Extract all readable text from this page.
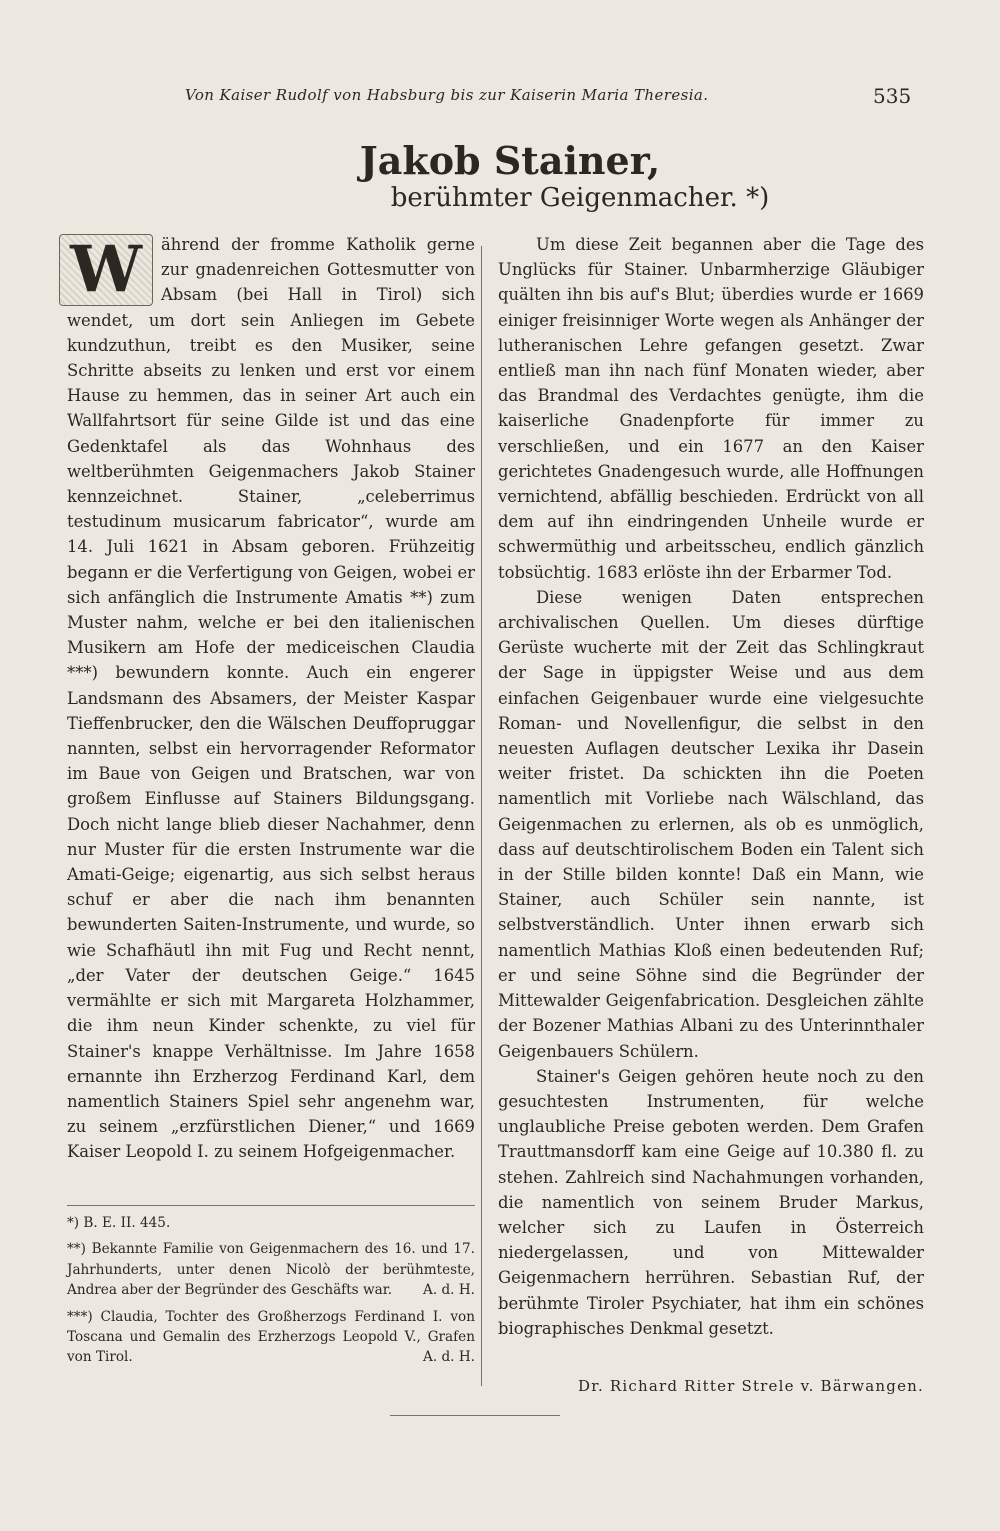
Von Kaiser Rudolf von Habsburg bis zur Kaiserin Maria Theresia.	535
Jakob Stainer,
berühmter Geigenmacher. *)

W	ährend der fromme Katholik gerne zur gnadenreichen Gottesmutter von Absam (bei Hall in Tirol) sich wendet, um dort sein Anliegen im Gebete kundzuthun, treibt es den Musiker, seine Schritte abseits zu lenken und erst vor einem Hause zu hemmen, das in seiner Art auch ein Wallfahrtsort für seine Gilde ist und das eine Gedenktafel als das Wohnhaus des weltberühmten Geigenmachers Jakob Stainer kennzeichnet. Stainer, „celeberrimus testudinum musicarum fabricator“, wurde am 14. Juli 1621 in Absam geboren. Frühzeitig begann er die Verfertigung von Geigen, wobei er sich anfänglich die Instrumente Amatis **) zum Muster nahm, welche er bei den italienischen Musikern am Hofe der mediceischen Claudia ***) bewundern konnte. Auch ein engerer Landsmann des Absamers, der Meister Kaspar Tieffenbrucker, den die Wälschen Deuffopruggar nannten, selbst ein hervorragender Reformator im Baue von Geigen und Bratschen, war von großem Einflusse auf Stainers Bildungsgang. Doch nicht lange blieb dieser Nachahmer, denn nur Muster für die ersten Instrumente war die Amati-Geige; eigenartig, aus sich selbst heraus schuf er aber die nach ihm benannten bewunderten Saiten-Instrumente, und wurde, so wie Schafhäutl ihn mit Fug und Recht nennt, „der Vater der deutschen Geige.“ 1645 vermählte er sich mit Margareta Holzhammer, die ihm neun Kinder schenkte, zu viel für Stainer's knappe Verhältnisse. Im Jahre 1658 ernannte ihn Erzherzog Ferdinand Karl, dem namentlich Stainers Spiel sehr angenehm war, zu seinem „erzfürstlichen Diener,“ und 1669 Kaiser Leopold I. zu seinem Hofgeigenmacher.

Um diese Zeit begannen aber die Tage des Unglücks für Stainer. Unbarmherzige Gläubiger quälten ihn bis auf's Blut; überdies wurde er 1669 einiger freisinniger Worte wegen als Anhänger der lutheranischen Lehre gefangen gesetzt. Zwar entließ man ihn nach fünf Monaten wieder, aber das Brandmal des Verdachtes genügte, ihm die kaiserliche Gnadenpforte für immer zu verschließen, und ein 1677 an den Kaiser gerichtetes Gnadengesuch wurde, alle Hoffnungen vernichtend, abfällig beschieden. Erdrückt von all dem auf ihn eindringenden Unheile wurde er schwermüthig und arbeitsscheu, endlich gänzlich tobsüchtig. 1683 erlöste ihn der Erbarmer Tod.

Diese wenigen Daten entsprechen archivalischen Quellen. Um dieses dürftige Gerüste wucherte mit der Zeit das Schlingkraut der Sage in üppigster Weise und aus dem einfachen Geigenbauer wurde eine vielgesuchte Roman- und Novellenfigur, die selbst in den neuesten Auflagen deutscher Lexika ihr Dasein weiter fristet. Da schickten ihn die Poeten namentlich mit Vorliebe nach Wälschland, das Geigenmachen zu erlernen, als ob es unmöglich, dass auf deutschtirolischem Boden ein Talent sich in der Stille bilden konnte! Daß ein Mann, wie Stainer, auch Schüler sein nannte, ist selbstverständlich. Unter ihnen erwarb sich namentlich Mathias Kloß einen bedeutenden Ruf; er und seine Söhne sind die Begründer der Mittewalder Geigenfabrication. Desgleichen zählte der Bozener Mathias Albani zu des Unterinnthaler Geigenbauers Schülern.

Stainer's Geigen gehören heute noch zu den gesuchtesten Instrumenten, für welche unglaubliche Preise geboten werden. Dem Grafen Trauttmansdorff kam eine Geige auf 10.380 fl. zu stehen. Zahlreich sind Nachahmungen vorhanden, die namentlich von seinem Bruder Markus, welcher sich zu Laufen in Österreich niedergelassen, und von Mittewalder Geigenmachern herrühren. Sebastian Ruf, der berühmte Tiroler Psychiater, hat ihm ein schönes biographisches Denkmal gesetzt.

*) B. E. II. 445.

**) Bekannte Familie von Geigenmachern des 16. und 17. Jahrhunderts, unter denen Nicolò der berühmteste, Andrea aber der Begründer des Geschäfts war. A. d. H.

***) Claudia, Tochter des Großherzogs Ferdinand I. von Toscana und Gemalin des Erzherzogs Leopold V., Grafen von Tirol.	A. d. H.

Dr. Richard Ritter Strele v. Bärwangen.
